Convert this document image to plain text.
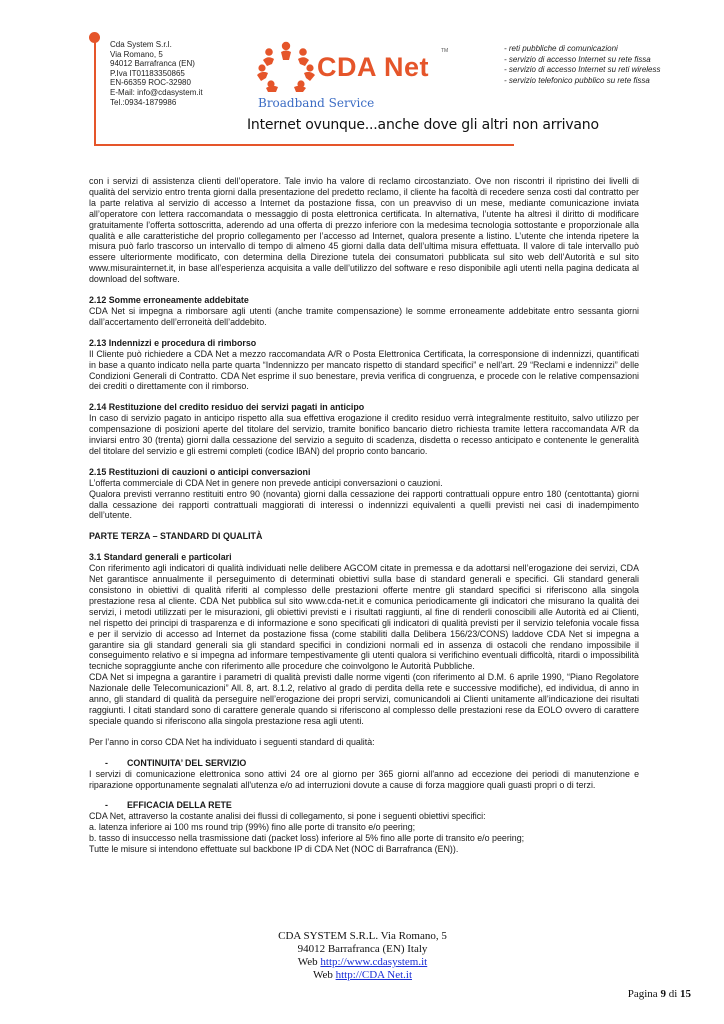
Cda System S.r.l.
Via Romano, 5
94012 Barrafranca (EN)
P.Iva IT01183350865
EN-66359 ROC-32980
E-Mail: info@cdasystem.it
Tel.:0934-1879986
CDA Net
TM
Broadband Service
Internet ovunque...anche dove gli altri non arrivano
- reti pubbliche di comunicazioni
- servizio di accesso Internet su rete fissa
- servizio di accesso Internet su reti wireless
- servizio telefonico pubblico su rete fissa

con i servizi di assistenza clienti dell’operatore. Tale invio ha valore di reclamo circostanziato. Ove non riscontri il ripristino dei livelli di qualità del servizio entro trenta giorni dalla presentazione del predetto reclamo, il cliente ha facoltà di recedere senza costi dal contratto per la parte relativa al servizio di accesso a Internet da postazione fissa, con un preavviso di un mese, mediante comunicazione inviata all’operatore con lettera raccomandata o messaggio di posta elettronica certificata. In alternativa, l’utente ha altresì il diritto di modificare gratuitamente l’offerta sottoscritta, aderendo ad una offerta di prezzo inferiore con la medesima tecnologia sottostante e proporzionale alla qualità e alle caratteristiche del proprio collegamento per l’accesso ad Internet, qualora presente a listino. L’utente che intenda ripetere la misura può farlo trascorso un intervallo di tempo di almeno 45 giorni dalla data dell’ultima misura effettuata. Il valore di tale intervallo può essere ulteriormente modificato, con determina della Direzione tutela dei consumatori pubblicata sul sito web dell’Autorità e sul sito www.misurainternet.it, in base all’esperienza acquisita a valle dell’utilizzo del software e reso disponibile agli utenti nella pagina dedicata al download del software.

2.12 Somme erroneamente addebitate

CDA Net si impegna a rimborsare agli utenti (anche tramite compensazione) le somme erroneamente addebitate entro sessanta giorni dall’accertamento dell’erroneità dell’addebito.

2.13 Indennizzi e procedura di rimborso

Il Cliente può richiedere a CDA Net a mezzo raccomandata A/R o Posta Elettronica Certificata, la corresponsione di indennizzi, quantificati in base a quanto indicato nella parte quarta “Indennizzo per mancato rispetto di standard specifici” e nell’art. 29 “Reclami e indennizzi” delle Condizioni Generali di Contratto. CDA Net esprime il suo benestare, previa verifica di congruenza, e procede con le relative compensazioni dei crediti o direttamente con il rimborso.

2.14 Restituzione del credito residuo dei servizi pagati in anticipo

In caso di servizio pagato in anticipo rispetto alla sua effettiva erogazione il credito residuo verrà integralmente restituito, salvo utilizzo per compensazione di posizioni aperte del titolare del servizio, tramite bonifico bancario dietro richiesta tramite lettera raccomandata A/R da inviarsi entro 30 (trenta) giorni dalla cessazione del servizio a seguito di scadenza, disdetta o recesso anticipato e contenente le generalità del titolare del servizio e gli estremi completi (codice IBAN) del proprio conto bancario.

2.15 Restituzioni di cauzioni o anticipi conversazioni

L’offerta commerciale di CDA Net in genere non prevede anticipi conversazioni o cauzioni.

Qualora previsti verranno restituiti entro 90 (novanta) giorni dalla cessazione dei rapporti contrattuali oppure entro 180 (centottanta) giorni dalla cessazione dei rapporti contrattuali maggiorati di interessi o indennizzi equivalenti a quelli previsti nei casi di inadempimento dell’utente.

PARTE TERZA – STANDARD DI QUALITÀ

3.1 Standard generali e particolari

Con riferimento agli indicatori di qualità individuati nelle delibere AGCOM citate in premessa e da adottarsi nell’erogazione dei servizi, CDA Net garantisce annualmente il perseguimento di determinati obiettivi sulla base di standard generali e specifici. Gli standard generali consistono in obiettivi di qualità riferiti al complesso delle prestazioni offerte mentre gli standard specifici si riferiscono alla singola prestazione resa al cliente. CDA Net pubblica sul sito www.cda-net.it e comunica periodicamente gli indicatori che misurano la qualità dei servizi, i metodi utilizzati per le misurazioni, gli obiettivi previsti e i risultati raggiunti, al fine di renderli conoscibili alle Autorità ed ai Clienti, nel rispetto dei principi di trasparenza e di informazione e sono specificati gli indicatori di qualità previsti per il servizio telefonia vocale fissa e per il servizio di accesso ad Internet da postazione fissa (come stabiliti dalla Delibera 156/23/CONS) laddove CDA Net si impegna a garantire sia gli standard generali sia gli standard specifici in condizioni normali ed in assenza di ostacoli che rendano impossibile il conseguimento relativo e si impegna ad informare tempestivamente gli utenti qualora si verifichino eventuali difficoltà, ritardi o impossibilità tecniche sopraggiunte anche con riferimento alle procedure che coinvolgono le Autorità Pubbliche.

CDA Net si impegna a garantire i parametri di qualità previsti dalle norme vigenti (con riferimento al D.M. 6 aprile 1990, “Piano Regolatore Nazionale delle Telecomunicazioni” All. 8, art. 8.1.2, relativo al grado di perdita della rete e successive modifiche), ed individua, di anno in anno, gli standard di qualità da perseguire nell’erogazione dei propri servizi, comunicandoli ai Clienti unitamente all’indicazione dei risultati raggiunti. I citati standard sono di carattere generale quando si riferiscono al complesso delle prestazioni rese da EOLO ovvero di carattere speciale quando si riferiscono alla singola prestazione resa agli utenti.

Per l’anno in corso CDA Net ha individuato i seguenti standard di qualità:

- CONTINUITA’ DEL SERVIZIO

I servizi di comunicazione elettronica sono attivi 24 ore al giorno per 365 giorni all'anno ad eccezione dei periodi di manutenzione e riparazione opportunamente segnalati all'utenza e/o ad interruzioni dovute a cause di forza maggiore quali guasti propri o di terzi.

- EFFICACIA DELLA RETE

CDA Net, attraverso la costante analisi dei flussi di collegamento, si pone i seguenti obiettivi specifici:

a. latenza inferiore ai 100 ms round trip (99%) fino alle porte di transito e/o peering;

b. tasso di insuccesso nella trasmissione dati (packet loss) inferiore al 5% fino alle porte di transito e/o peering;

Tutte le misure si intendono effettuate sul backbone IP di CDA Net (NOC di Barrafranca (EN)).

CDA SYSTEM S.R.L. Via Romano, 5
94012 Barrafranca (EN) Italy
Web http://www.cdasystem.it
Web http://CDA Net.it
Pagina 9 di 15
